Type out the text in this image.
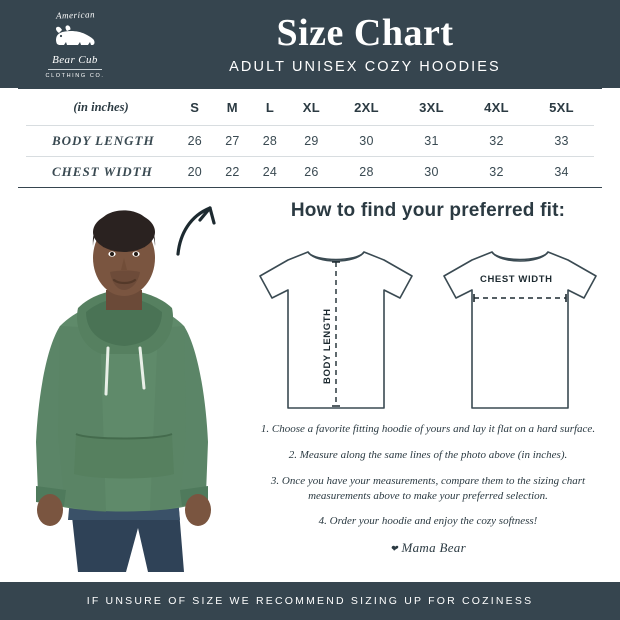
American
Bear Cub
CLOTHING CO.
Size Chart
ADULT UNISEX COZY HOODIES
(in inches)	S	M	L	XL	2XL	3XL	4XL	5XL
BODY LENGTH	26	27	28	29	30	31	32	33
CHEST WIDTH	20	22	24	26	28	30	32	34
How to find your preferred fit:
BODY LENGTH
CHEST WIDTH

1. Choose a favorite fitting hoodie of yours and lay it flat on a hard surface.

2. Measure along the same lines of the photo above (in inches).

3. Once you have your measurements, compare them to the sizing chart measurements above to make your preferred selection.

4. Order your hoodie and enjoy the cozy softness!

❤ Mama Bear
IF UNSURE OF SIZE WE RECOMMEND SIZING UP FOR COZINESS
